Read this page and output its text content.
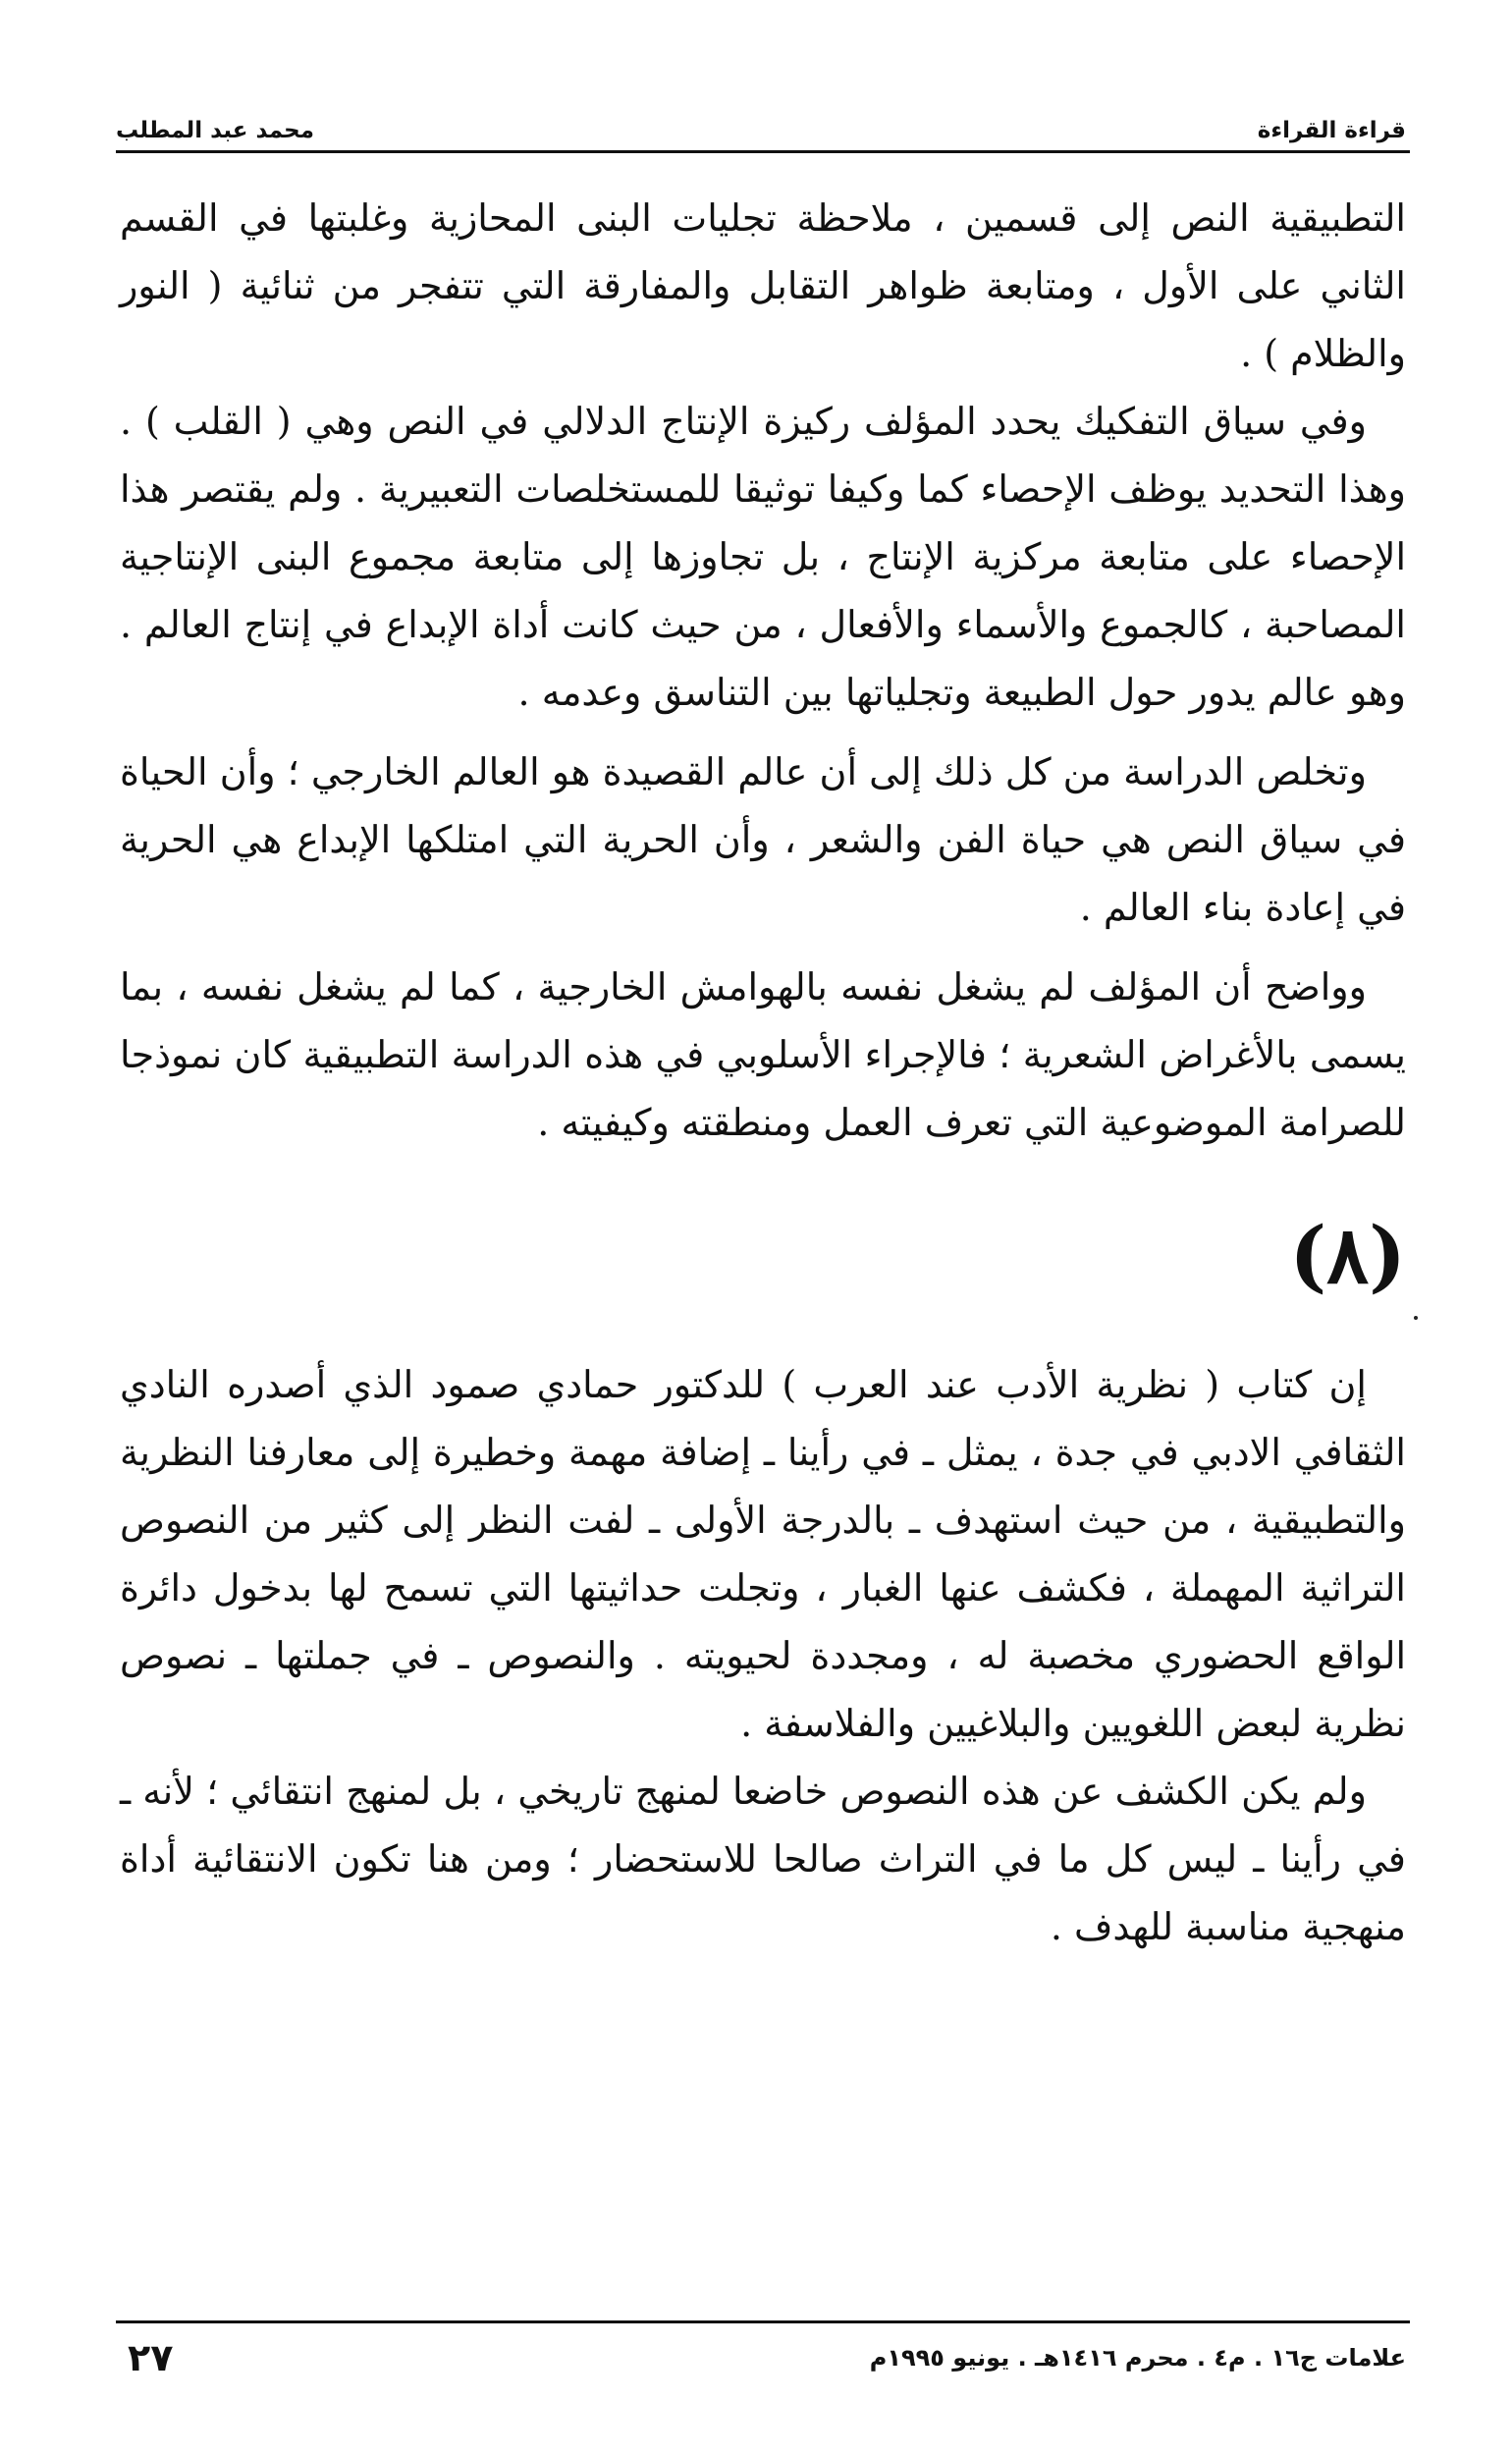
قراءة القراءة
محمد عبد المطلب

التطبيقية النص إلى قسمين ، ملاحظة تجليات البنى المحازية وغلبتها في القسم الثاني على الأول ، ومتابعة ظواهر التقابل والمفارقة التي تتفجر من ثنائية ( النور والظلام ) .

وفي سياق التفكيك يحدد المؤلف ركيزة الإنتاج الدلالي في النص وهي ( القلب ) . وهذا التحديد يوظف الإحصاء كما وكيفا توثيقا للمستخلصات التعبيرية . ولم يقتصر هذا الإحصاء على متابعة مركزية الإنتاج ، بل تجاوزها إلى متابعة مجموع البنى الإنتاجية المصاحبة ، كالجموع والأسماء والأفعال ، من حيث كانت أداة الإبداع في إنتاج العالم . وهو عالم يدور حول الطبيعة وتجلياتها بين التناسق وعدمه .

وتخلص الدراسة من كل ذلك إلى أن عالم القصيدة هو العالم الخارجي ؛ وأن الحياة في سياق النص هي حياة الفن والشعر ، وأن الحرية التي امتلكها الإبداع هي الحرية في إعادة بناء العالم .

وواضح أن المؤلف لم يشغل نفسه بالهوامش الخارجية ، كما لم يشغل نفسه ، بما يسمى بالأغراض الشعرية ؛ فالإجراء الأسلوبي في هذه الدراسة التطبيقية كان نموذجا للصرامة الموضوعية التي تعرف العمل ومنطقته وكيفيته .

(٨)

إن كتاب ( نظرية الأدب عند العرب ) للدكتور حمادي صمود الذي أصدره النادي الثقافي الادبي في جدة ، يمثل ـ في رأينا ـ إضافة مهمة وخطيرة إلى معارفنا النظرية والتطبيقية ، من حيث استهدف ـ بالدرجة الأولى ـ لفت النظر إلى كثير من النصوص التراثية المهملة ، فكشف عنها الغبار ، وتجلت حداثيتها التي تسمح لها بدخول دائرة الواقع الحضوري مخصبة له ، ومجددة لحيويته . والنصوص ـ في جملتها ـ نصوص نظرية لبعض اللغويين والبلاغيين والفلاسفة .

ولم يكن الكشف عن هذه النصوص خاضعا لمنهج تاريخي ، بل لمنهج انتقائي ؛ لأنه ـ في رأينا ـ ليس كل ما في التراث صالحا للاستحضار ؛ ومن هنا تكون الانتقائية أداة منهجية مناسبة للهدف .

علامات ج١٦ . م٤ . محرم ١٤١٦هـ . يونيو ١٩٩٥م
٢٧
